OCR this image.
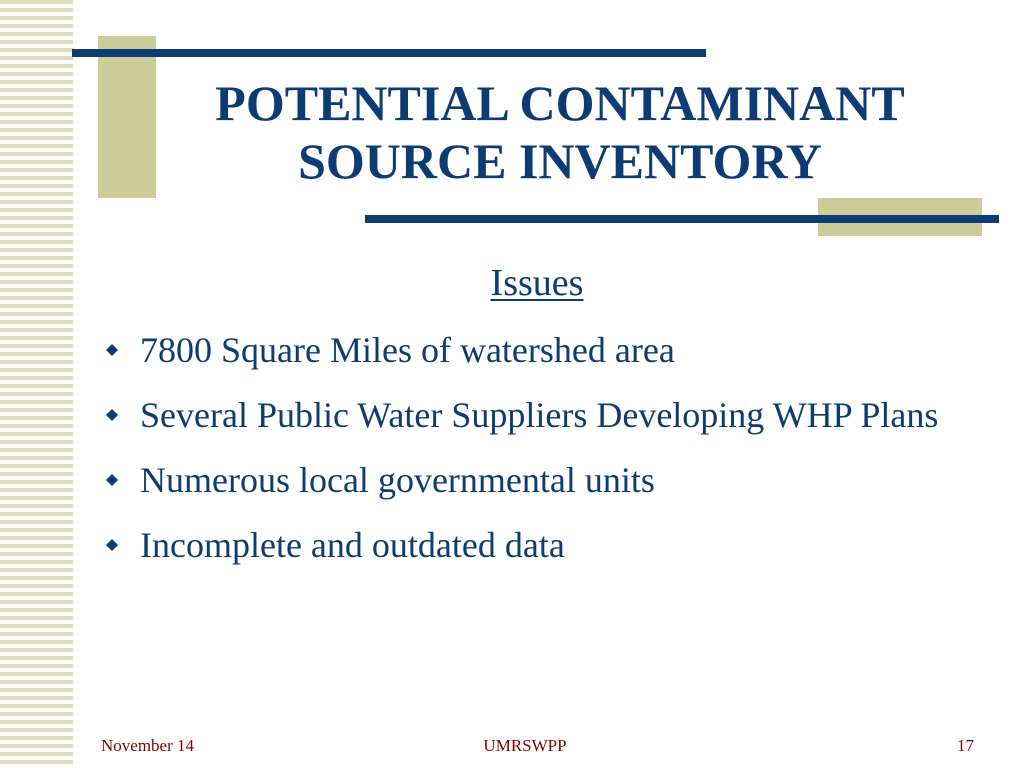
POTENTIAL CONTAMINANT
SOURCE INVENTORY
Issues
7800 Square Miles of watershed area
Several Public Water Suppliers Developing WHP Plans
Numerous local governmental units
Incomplete and outdated data
November 14	UMRSWPP	17
